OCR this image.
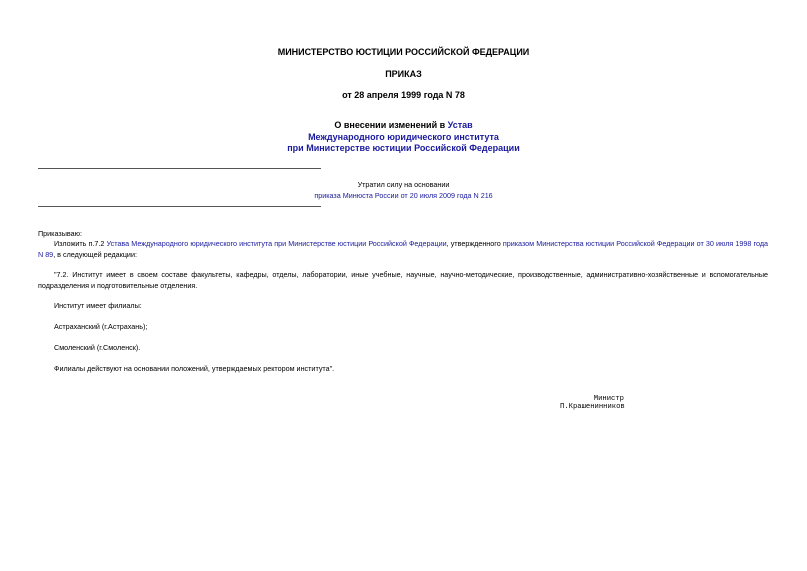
МИНИСТЕРСТВО ЮСТИЦИИ РОССИЙСКОЙ ФЕДЕРАЦИИ
ПРИКАЗ
от 28 апреля 1999 года N 78
О внесении изменений в Устав
Международного юридического института
при Министерстве юстиции Российской Федерации
Утратил силу на основании
приказа Минюста России от 20 июля 2009 года N 216
Приказываю:
Изложить п.7.2 Устава Международного юридического института при Министерстве юстиции Российской Федерации, утвержденного приказом Министерства юстиции Российской Федерации от 30 июля 1998 года N 89, в следующей редакции:
"7.2. Институт имеет в своем составе факультеты, кафедры, отделы, лаборатории, иные учебные, научные, научно-методические, производственные, административно-хозяйственные и вспомогательные подразделения и подготовительные отделения.
Институт имеет филиалы:
Астраханский (г.Астрахань);
Смоленский (г.Смоленск).
Филиалы действуют на основании положений, утверждаемых ректором института".
Министр
П.Крашенинников
